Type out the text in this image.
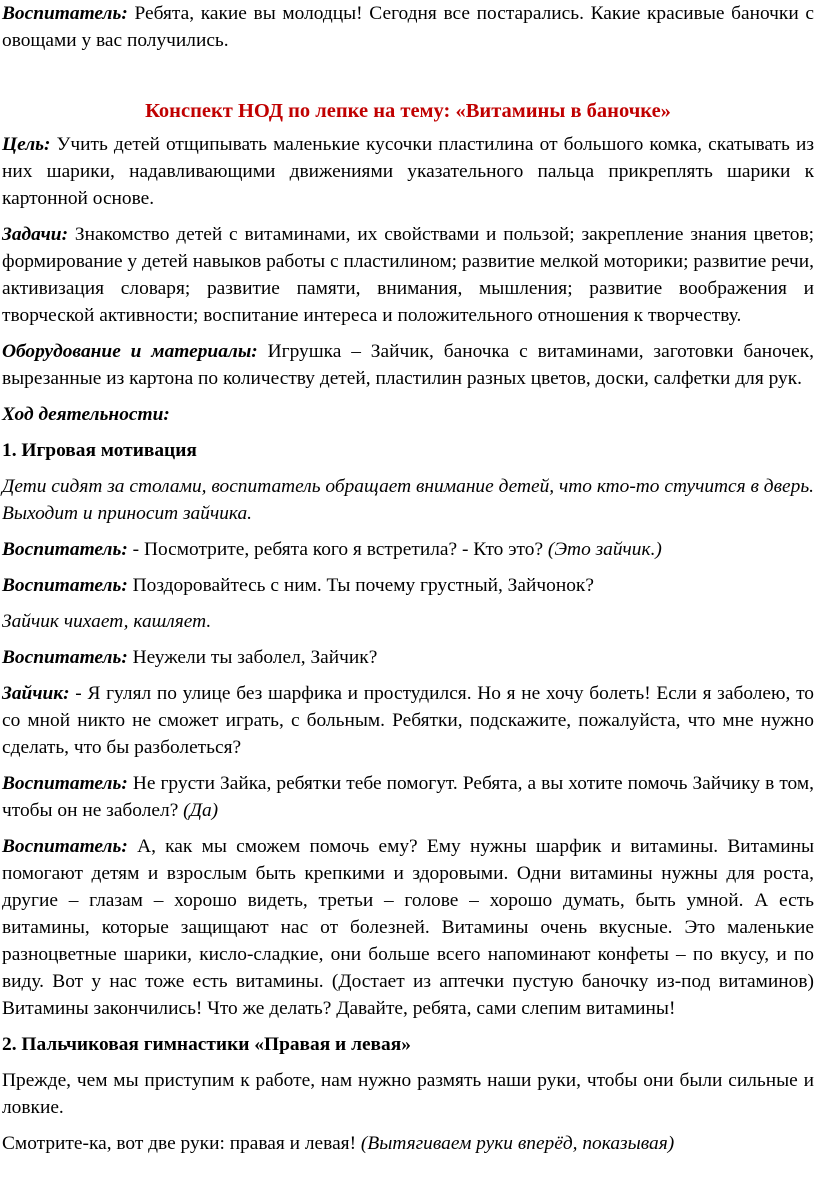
Воспитатель: Ребята, какие вы молодцы! Сегодня все постарались. Какие красивые баночки с овощами у вас получились.

Конспект НОД по лепке на тему: «Витамины в баночке»

Цель: Учить детей отщипывать маленькие кусочки пластилина от большого комка, скатывать из них шарики, надавливающими движениями указательного пальца прикреплять шарики к картонной основе.

Задачи: Знакомство детей с витаминами, их свойствами и пользой; закрепление знания цветов; формирование у детей навыков работы с пластилином; развитие мелкой моторики; развитие речи, активизация словаря; развитие памяти, внимания, мышления; развитие воображения и творческой активности; воспитание интереса и положительного отношения к творчеству.

Оборудование и материалы: Игрушка – Зайчик, баночка с витаминами, заготовки баночек, вырезанные из картона по количеству детей, пластилин разных цветов, доски, салфетки для рук.

Ход деятельности:

1. Игровая мотивация

Дети сидят за столами, воспитатель обращает внимание детей, что кто-то стучится в дверь. Выходит и приносит зайчика.

Воспитатель: - Посмотрите, ребята кого я встретила? - Кто это? (Это зайчик.)

Воспитатель: Поздоровайтесь с ним. Ты почему грустный, Зайчонок?

Зайчик чихает, кашляет.

Воспитатель: Неужели ты заболел, Зайчик?

Зайчик: - Я гулял по улице без шарфика и простудился. Но я не хочу болеть! Если я заболею, то со мной никто не сможет играть, с больным. Ребятки, подскажите, пожалуйста, что мне нужно сделать, что бы разболеться?

Воспитатель: Не грусти Зайка, ребятки тебе помогут. Ребята, а вы хотите помочь Зайчику в том, чтобы он не заболел? (Да)

Воспитатель: А, как мы сможем помочь ему? Ему нужны шарфик и витамины. Витамины помогают детям и взрослым быть крепкими и здоровыми. Одни витамины нужны для роста, другие – глазам – хорошо видеть, третьи – голове – хорошо думать, быть умной. А есть витамины, которые защищают нас от болезней. Витамины очень вкусные. Это маленькие разноцветные шарики, кисло-сладкие, они больше всего напоминают конфеты – по вкусу, и по виду. Вот у нас тоже есть витамины. (Достает из аптечки пустую баночку из-под витаминов) Витамины закончились! Что же делать? Давайте, ребята, сами слепим витамины!

2. Пальчиковая гимнастики «Правая и левая»

Прежде, чем мы приступим к работе, нам нужно размять наши руки, чтобы они были сильные и ловкие.

Смотрите-ка, вот две руки: правая и левая! (Вытягиваем руки вперёд, показывая)
